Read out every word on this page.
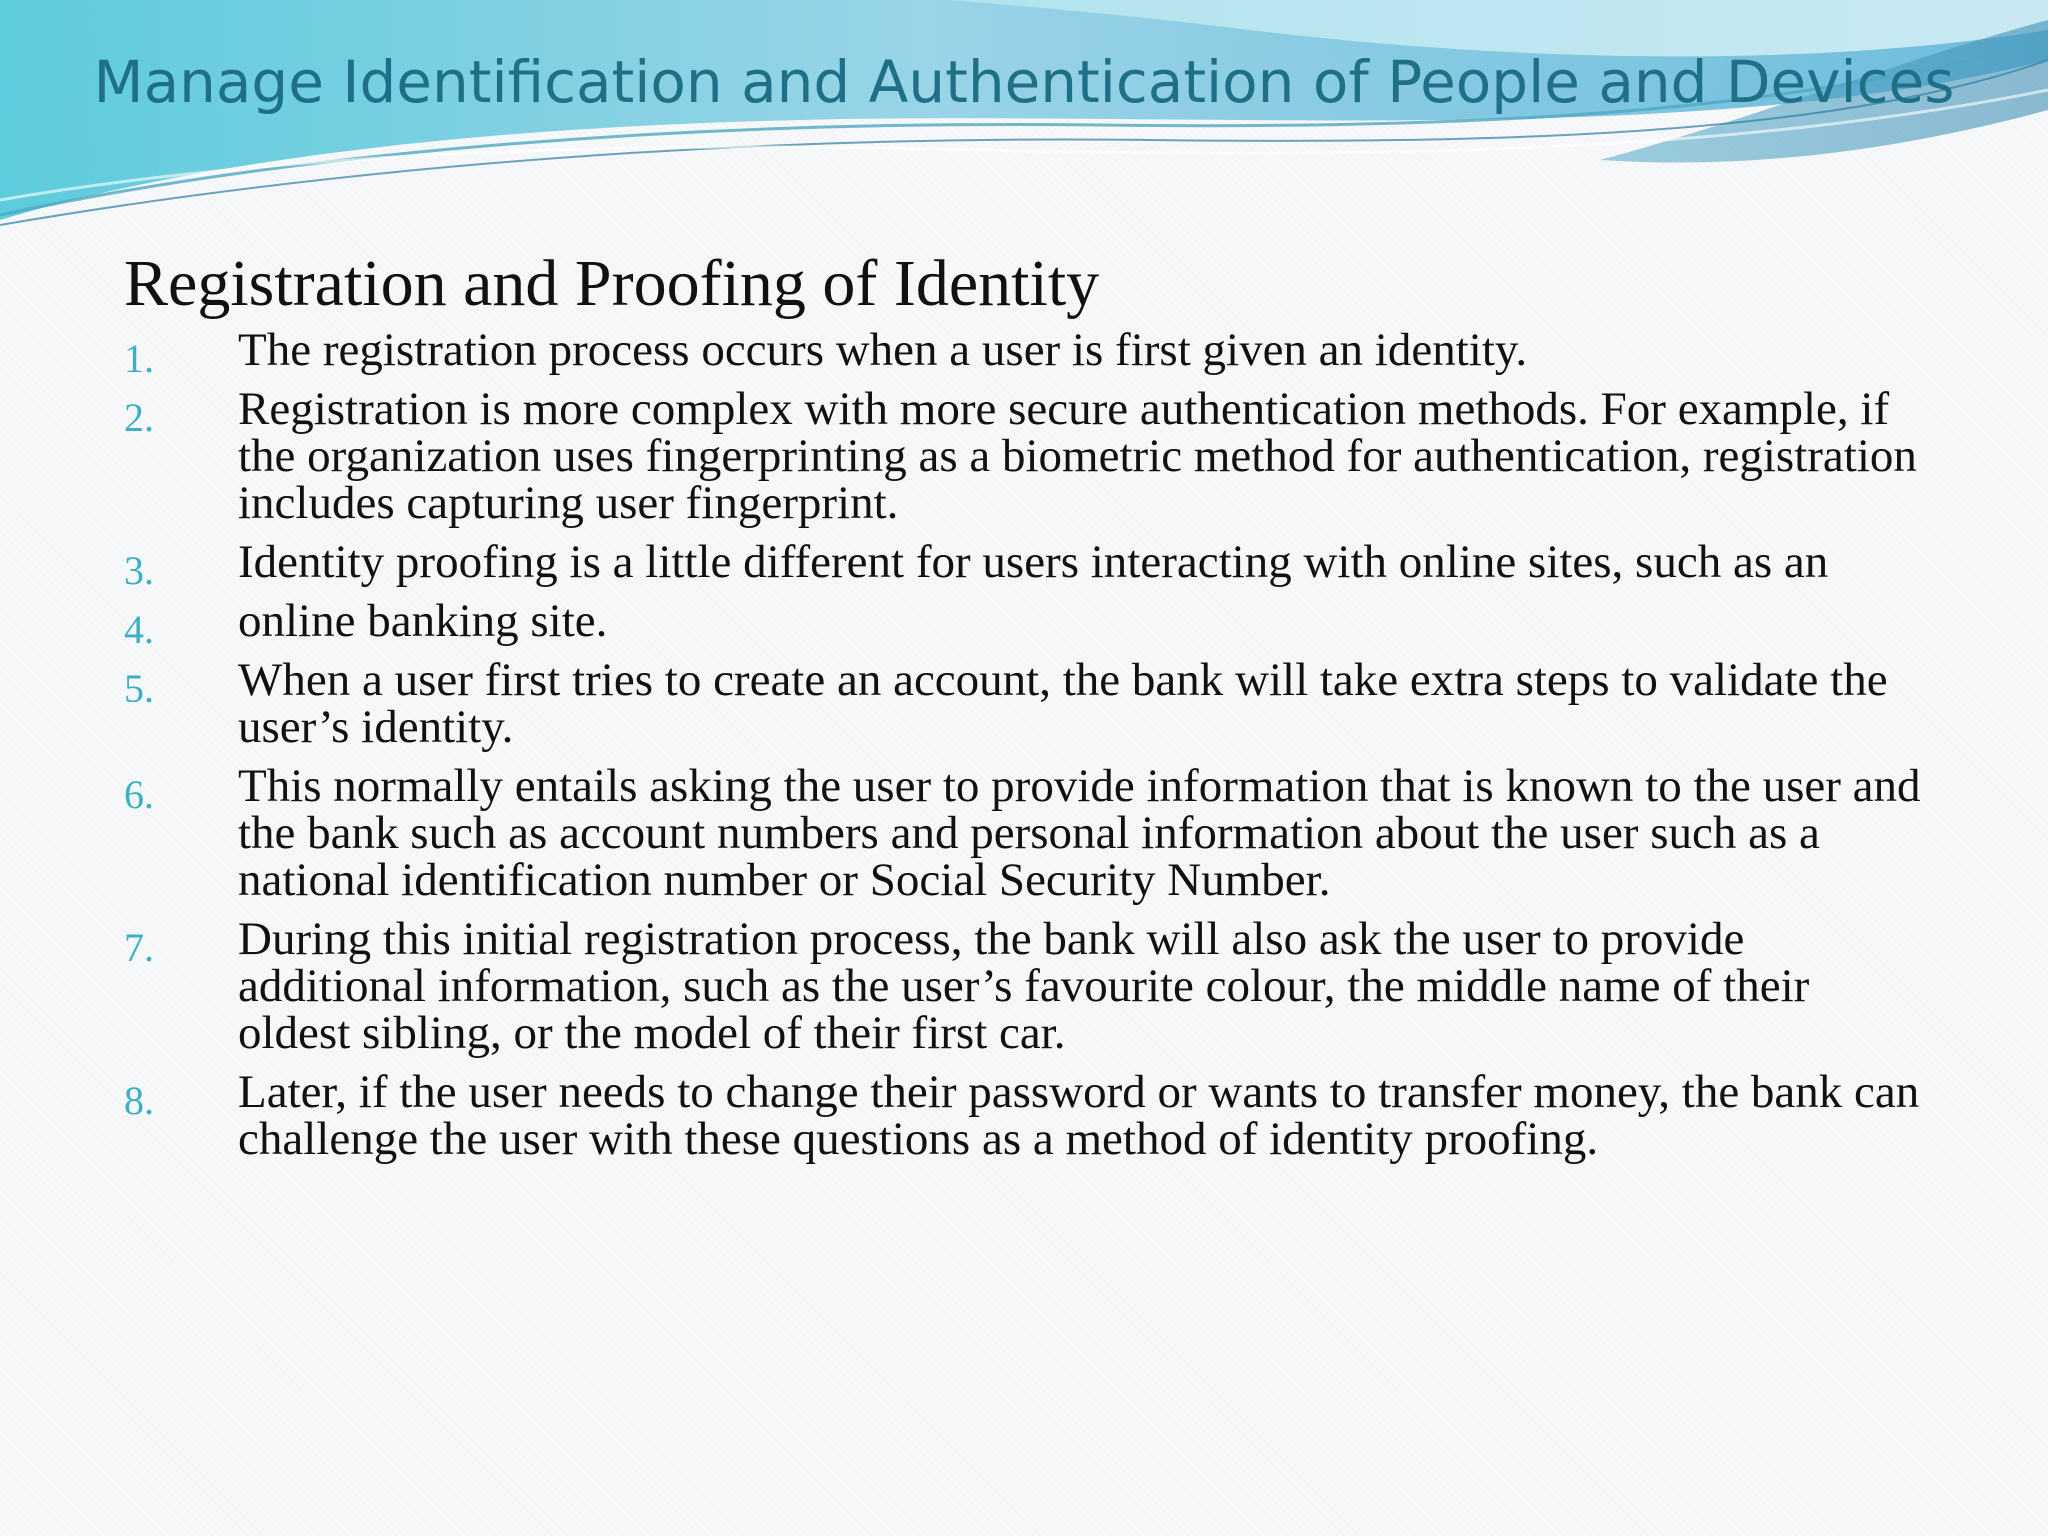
Manage Identification and Authentication of People and Devices
Registration and Proofing of Identity
1. The registration process occurs when a user is first given an identity.
2. Registration is more complex with more secure authentication methods. For example, if the organization uses fingerprinting as a biometric method for authentication, registration includes capturing user fingerprint.
3. Identity proofing is a little different for users interacting with online sites, such as an
4. online banking site.
5. When a user first tries to create an account, the bank will take extra steps to validate the user’s identity.
6. This normally entails asking the user to provide information that is known to the user and the bank such as account numbers and personal information about the user such as a national identification number or Social Security Number.
7. During this initial registration process, the bank will also ask the user to provide additional information, such as the user’s favourite colour, the middle name of their oldest sibling, or the model of their first car.
8. Later, if the user needs to change their password or wants to transfer money, the bank can challenge the user with these questions as a method of identity proofing.
